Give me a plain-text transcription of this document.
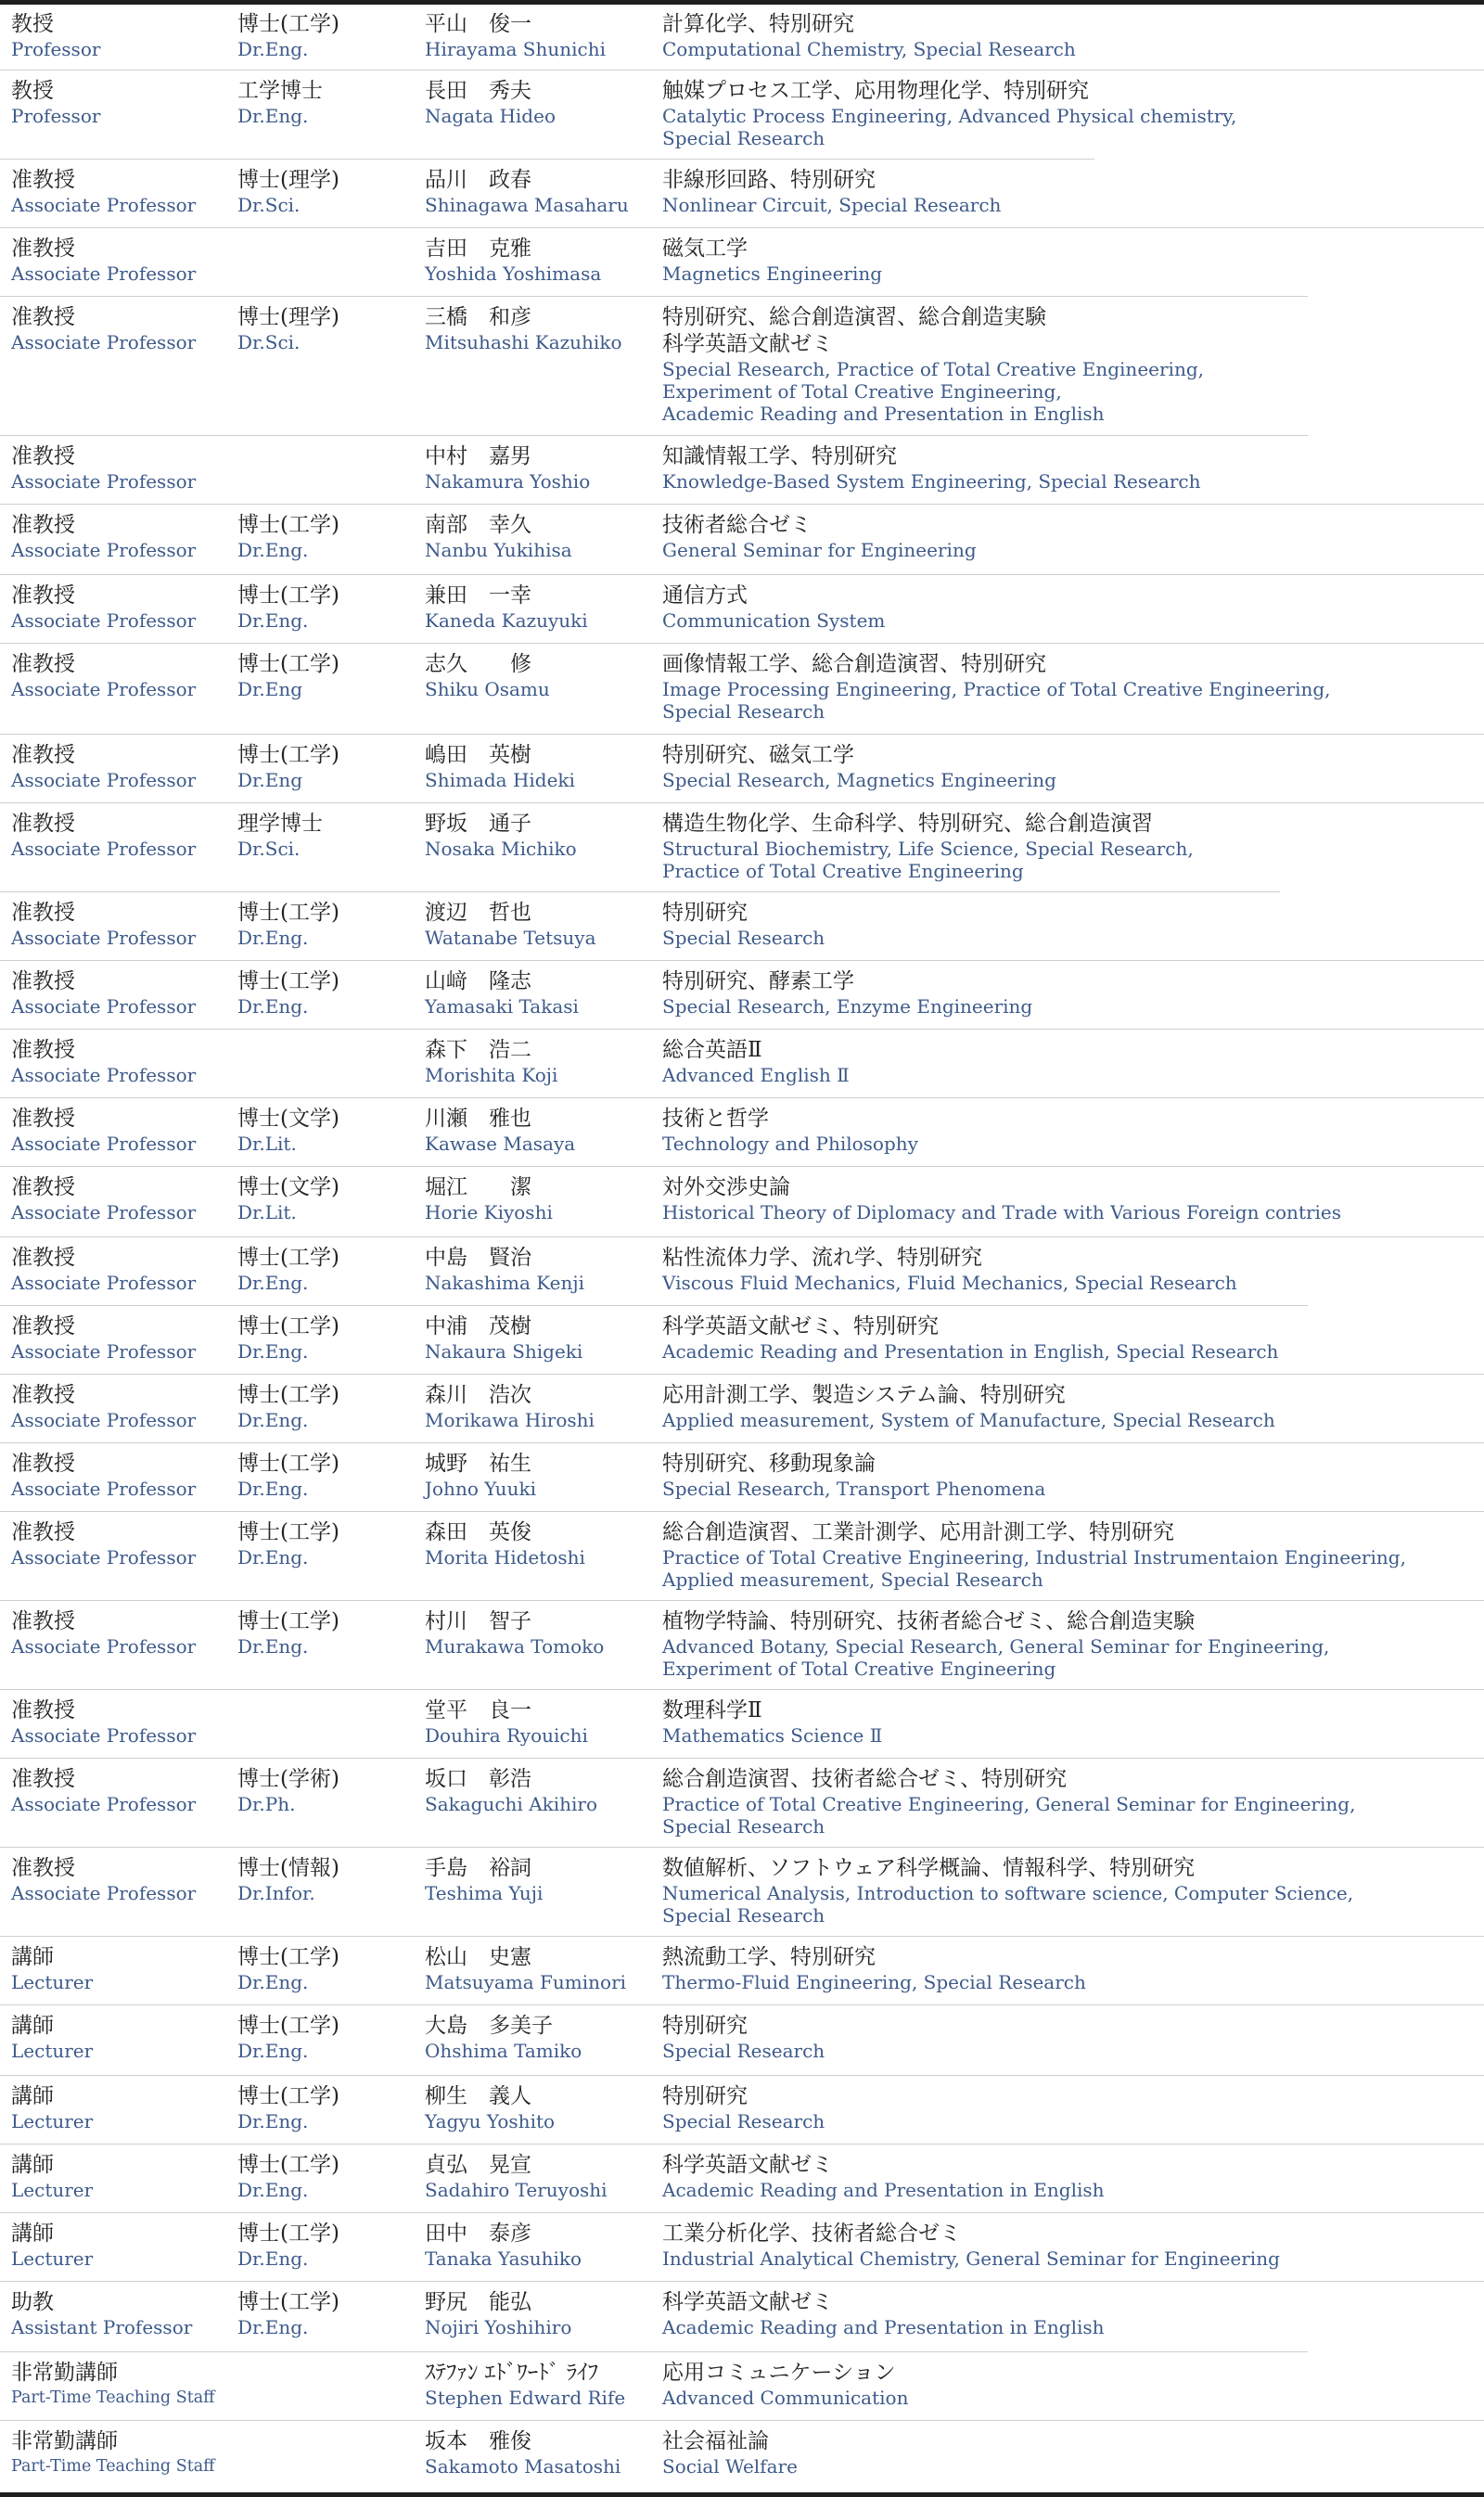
教授
Professor
博士(工学)
Dr.Eng.
平山　俊一
Hirayama Shunichi
計算化学、特別研究
Computational Chemistry, Special Research
教授
Professor
工学博士
Dr.Eng.
長田　秀夫
Nagata Hideo
触媒プロセス工学、応用物理化学、特別研究
Catalytic Process Engineering, Advanced Physical chemistry,
Special Research
准教授
Associate Professor
博士(理学)
Dr.Sci.
品川　政春
Shinagawa Masaharu
非線形回路、特別研究
Nonlinear Circuit, Special Research
准教授
Associate Professor
吉田　克雅
Yoshida Yoshimasa
磁気工学
Magnetics Engineering
准教授
Associate Professor
博士(理学)
Dr.Sci.
三橋　和彦
Mitsuhashi Kazuhiko
特別研究、総合創造演習、総合創造実験
科学英語文献ゼミ
Special Research, Practice of Total Creative Engineering,
Experiment of Total Creative Engineering,
Academic Reading and Presentation in English
准教授
Associate Professor
中村　嘉男
Nakamura Yoshio
知識情報工学、特別研究
Knowledge-Based System Engineering, Special Research
准教授
Associate Professor
博士(工学)
Dr.Eng.
南部　幸久
Nanbu Yukihisa
技術者総合ゼミ
General Seminar for Engineering
准教授
Associate Professor
博士(工学)
Dr.Eng.
兼田　一幸
Kaneda Kazuyuki
通信方式
Communication System
准教授
Associate Professor
博士(工学)
Dr.Eng
志久　　修
Shiku Osamu
画像情報工学、総合創造演習、特別研究
Image Processing Engineering, Practice of Total Creative Engineering,
Special Research
准教授
Associate Professor
博士(工学)
Dr.Eng
嶋田　英樹
Shimada Hideki
特別研究、磁気工学
Special Research, Magnetics Engineering
准教授
Associate Professor
理学博士
Dr.Sci.
野坂　通子
Nosaka Michiko
構造生物化学、生命科学、特別研究、総合創造演習
Structural Biochemistry, Life Science, Special Research,
Practice of Total Creative Engineering
准教授
Associate Professor
博士(工学)
Dr.Eng.
渡辺　哲也
Watanabe Tetsuya
特別研究
Special Research
准教授
Associate Professor
博士(工学)
Dr.Eng.
山﨑　隆志
Yamasaki Takasi
特別研究、酵素工学
Special Research, Enzyme Engineering
准教授
Associate Professor
森下　浩二
Morishita Koji
総合英語Ⅱ
Advanced English Ⅱ
准教授
Associate Professor
博士(文学)
Dr.Lit.
川瀬　雅也
Kawase Masaya
技術と哲学
Technology and Philosophy
准教授
Associate Professor
博士(文学)
Dr.Lit.
堀江　　潔
Horie Kiyoshi
対外交渉史論
Historical Theory of Diplomacy and Trade with Various Foreign contries
准教授
Associate Professor
博士(工学)
Dr.Eng.
中島　賢治
Nakashima Kenji
粘性流体力学、流れ学、特別研究
Viscous Fluid Mechanics, Fluid Mechanics, Special Research
准教授
Associate Professor
博士(工学)
Dr.Eng.
中浦　茂樹
Nakaura Shigeki
科学英語文献ゼミ、特別研究
Academic Reading and Presentation in English, Special Research
准教授
Associate Professor
博士(工学)
Dr.Eng.
森川　浩次
Morikawa Hiroshi
応用計測工学、製造システム論、特別研究
Applied measurement, System of Manufacture, Special Research
准教授
Associate Professor
博士(工学)
Dr.Eng.
城野　祐生
Johno Yuuki
特別研究、移動現象論
Special Research, Transport Phenomena
准教授
Associate Professor
博士(工学)
Dr.Eng.
森田　英俊
Morita Hidetoshi
総合創造演習、工業計測学、応用計測工学、特別研究
Practice of Total Creative Engineering, Industrial Instrumentaion Engineering,
Applied measurement, Special Research
准教授
Associate Professor
博士(工学)
Dr.Eng.
村川　智子
Murakawa Tomoko
植物学特論、特別研究、技術者総合ゼミ、総合創造実験
Advanced Botany, Special Research, General Seminar for Engineering,
Experiment of Total Creative Engineering
准教授
Associate Professor
堂平　良一
Douhira Ryouichi
数理科学Ⅱ
Mathematics Science Ⅱ
准教授
Associate Professor
博士(学術)
Dr.Ph.
坂口　彰浩
Sakaguchi Akihiro
総合創造演習、技術者総合ゼミ、特別研究
Practice of Total Creative Engineering, General Seminar for Engineering,
Special Research
准教授
Associate Professor
博士(情報)
Dr.Infor.
手島　裕詞
Teshima Yuji
数値解析、ソフトウェア科学概論、情報科学、特別研究
Numerical Analysis, Introduction to software science, Computer Science,
Special Research
講師
Lecturer
博士(工学)
Dr.Eng.
松山　史憲
Matsuyama Fuminori
熱流動工学、特別研究
Thermo-Fluid Engineering, Special Research
講師
Lecturer
博士(工学)
Dr.Eng.
大島　多美子
Ohshima Tamiko
特別研究
Special Research
講師
Lecturer
博士(工学)
Dr.Eng.
柳生　義人
Yagyu Yoshito
特別研究
Special Research
講師
Lecturer
博士(工学)
Dr.Eng.
貞弘　晃宣
Sadahiro Teruyoshi
科学英語文献ゼミ
Academic Reading and Presentation in English
講師
Lecturer
博士(工学)
Dr.Eng.
田中　泰彦
Tanaka Yasuhiko
工業分析化学、技術者総合ゼミ
Industrial Analytical Chemistry, General Seminar for Engineering
助教
Assistant Professor
博士(工学)
Dr.Eng.
野尻　能弘
Nojiri Yoshihiro
科学英語文献ゼミ
Academic Reading and Presentation in English
非常勤講師
Part-Time Teaching Staff
ｽﾃﾌｧﾝ ｴﾄﾞﾜｰﾄﾞ ﾗｲﾌ
Stephen Edward Rife
応用コミュニケーション
Advanced Communication
非常勤講師
Part-Time Teaching Staff
坂本　雅俊
Sakamoto Masatoshi
社会福祉論
Social Welfare
